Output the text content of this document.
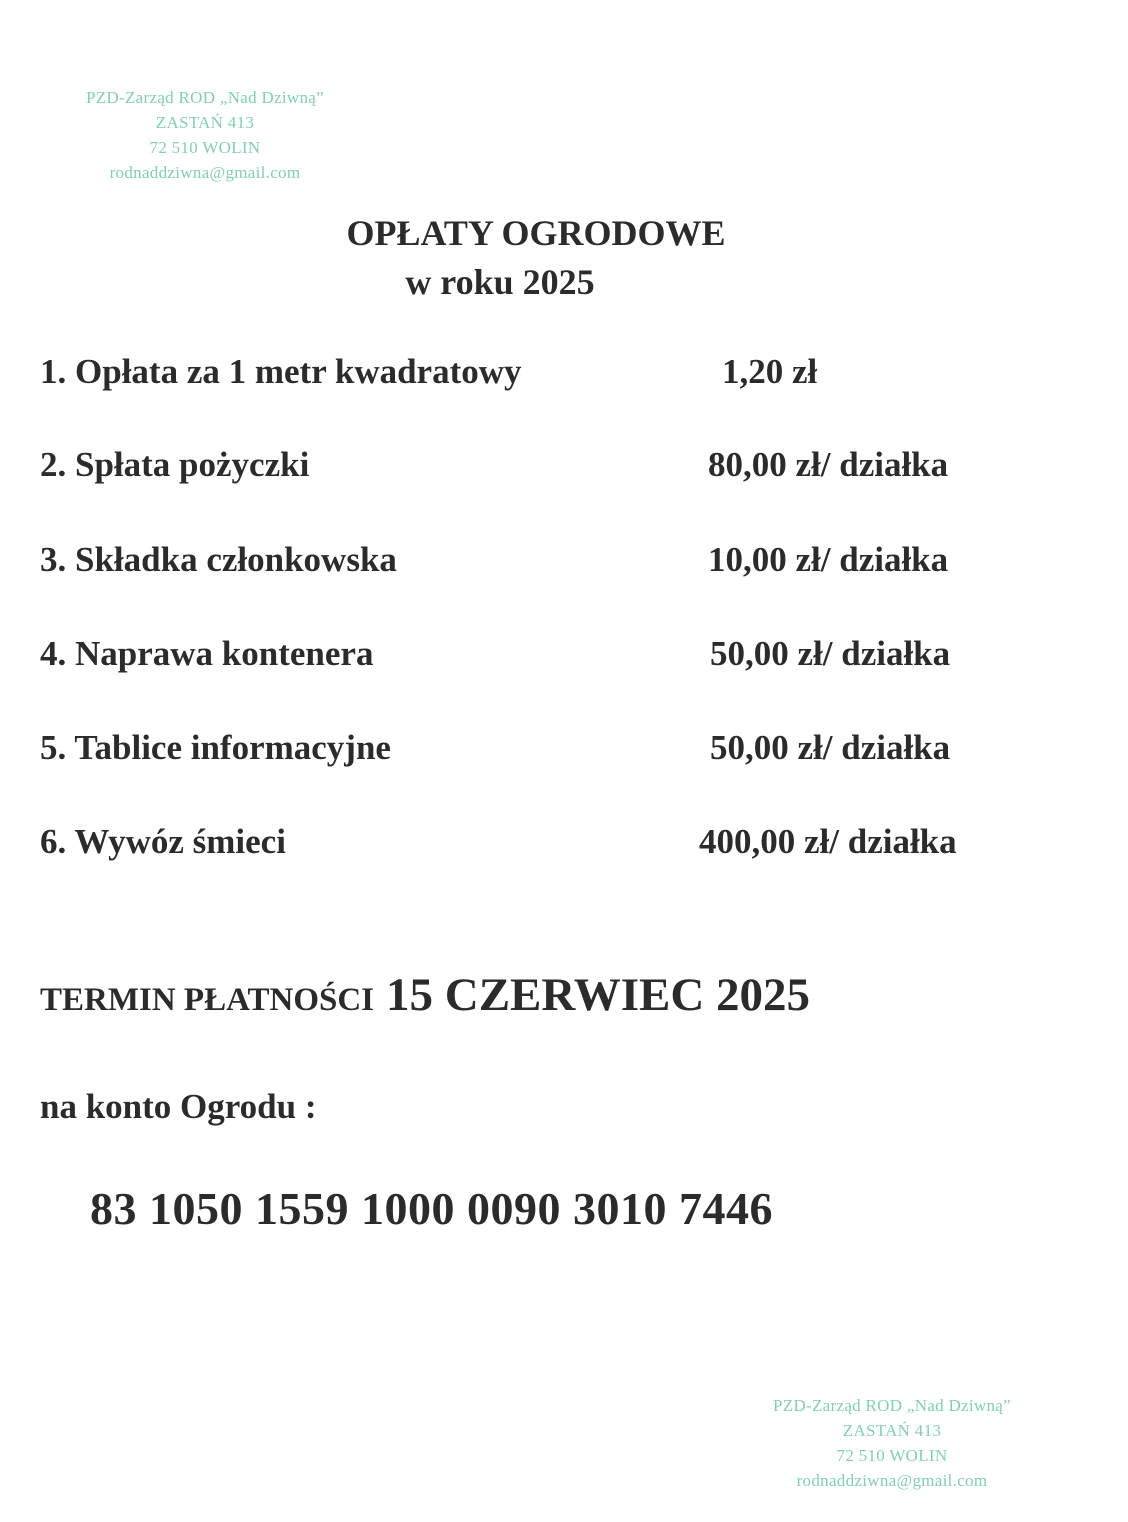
PZD-Zarząd ROD „Nad Dziwną”
ZASTAŃ 413
72 510 WOLIN
rodnaddziwna@gmail.com
OPŁATY OGRODOWE
w roku 2025
1. Opłata za 1 metr kwadratowy	1,20 zł
2. Spłata pożyczki	80,00 zł/ działka
3. Składka członkowska	10,00 zł/ działka
4. Naprawa kontenera	50,00 zł/ działka
5. Tablice informacyjne	50,00 zł/ działka
6. Wywóz śmieci	400,00 zł/ działka
TERMIN PŁATNOŚCI 15 CZERWIEC 2025
na konto Ogrodu :
83 1050 1559 1000 0090 3010 7446
PZD-Zarząd ROD „Nad Dziwną”
ZASTAŃ 413
72 510 WOLIN
rodnaddziwna@gmail.com
